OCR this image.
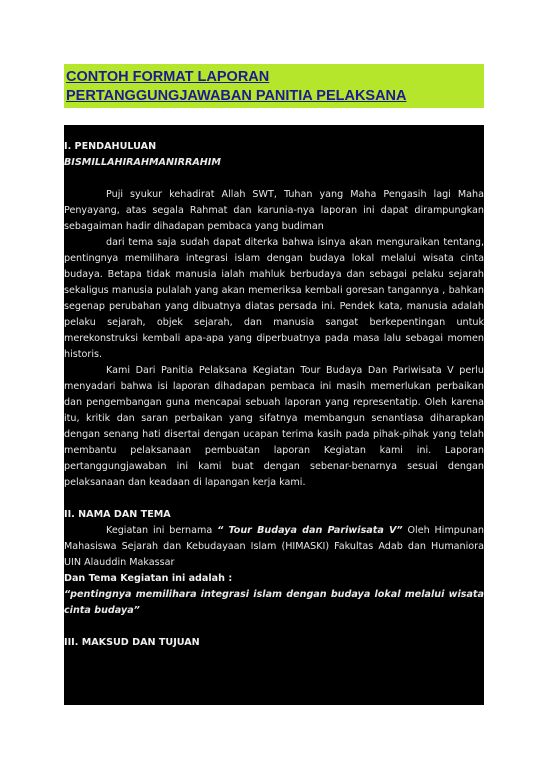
CONTOH FORMAT LAPORAN
PERTANGGUNGJAWABAN PANITIA PELAKSANA

I. PENDAHULUAN

BISMILLAHIRAHMANIRRAHIM

Puji syukur kehadirat Allah SWT, Tuhan yang Maha Pengasih lagi Maha Penyayang, atas segala Rahmat dan karunia-nya laporan ini dapat dirampungkan sebagaiman hadir dihadapan pembaca yang budiman

dari tema saja sudah dapat diterka bahwa isinya akan menguraikan tentang, pentingnya memilihara integrasi islam dengan budaya lokal melalui wisata cinta budaya. Betapa tidak manusia ialah mahluk berbudaya dan sebagai pelaku sejarah sekaligus manusia pulalah yang akan memeriksa kembali goresan tangannya , bahkan segenap perubahan yang dibuatnya diatas persada ini. Pendek kata, manusia adalah pelaku sejarah, objek sejarah, dan manusia sangat berkepentingan untuk merekonstruksi kembali apa-apa yang diperbuatnya pada masa lalu sebagai momen historis.

Kami Dari Panitia Pelaksana Kegiatan Tour Budaya Dan Pariwisata V perlu menyadari bahwa isi laporan dihadapan pembaca ini masih memerlukan perbaikan dan pengembangan guna mencapai sebuah laporan yang representatip. Oleh karena itu, kritik dan saran perbaikan yang sifatnya membangun senantiasa diharapkan dengan senang hati disertai dengan ucapan terima kasih pada pihak-pihak yang telah membantu pelaksanaan pembuatan laporan Kegiatan kami ini. Laporan pertanggungjawaban ini kami buat dengan sebenar-benarnya sesuai dengan pelaksanaan dan keadaan di lapangan kerja kami.

II. NAMA DAN TEMA

Kegiatan ini bernama “ Tour Budaya dan Pariwisata V” Oleh Himpunan Mahasiswa Sejarah dan Kebudayaan Islam (HIMASKI) Fakultas Adab dan Humaniora UIN Alauddin Makassar

Dan Tema Kegiatan ini adalah :

“pentingnya memilihara integrasi islam dengan budaya lokal melalui wisata cinta budaya”

III. MAKSUD DAN TUJUAN
